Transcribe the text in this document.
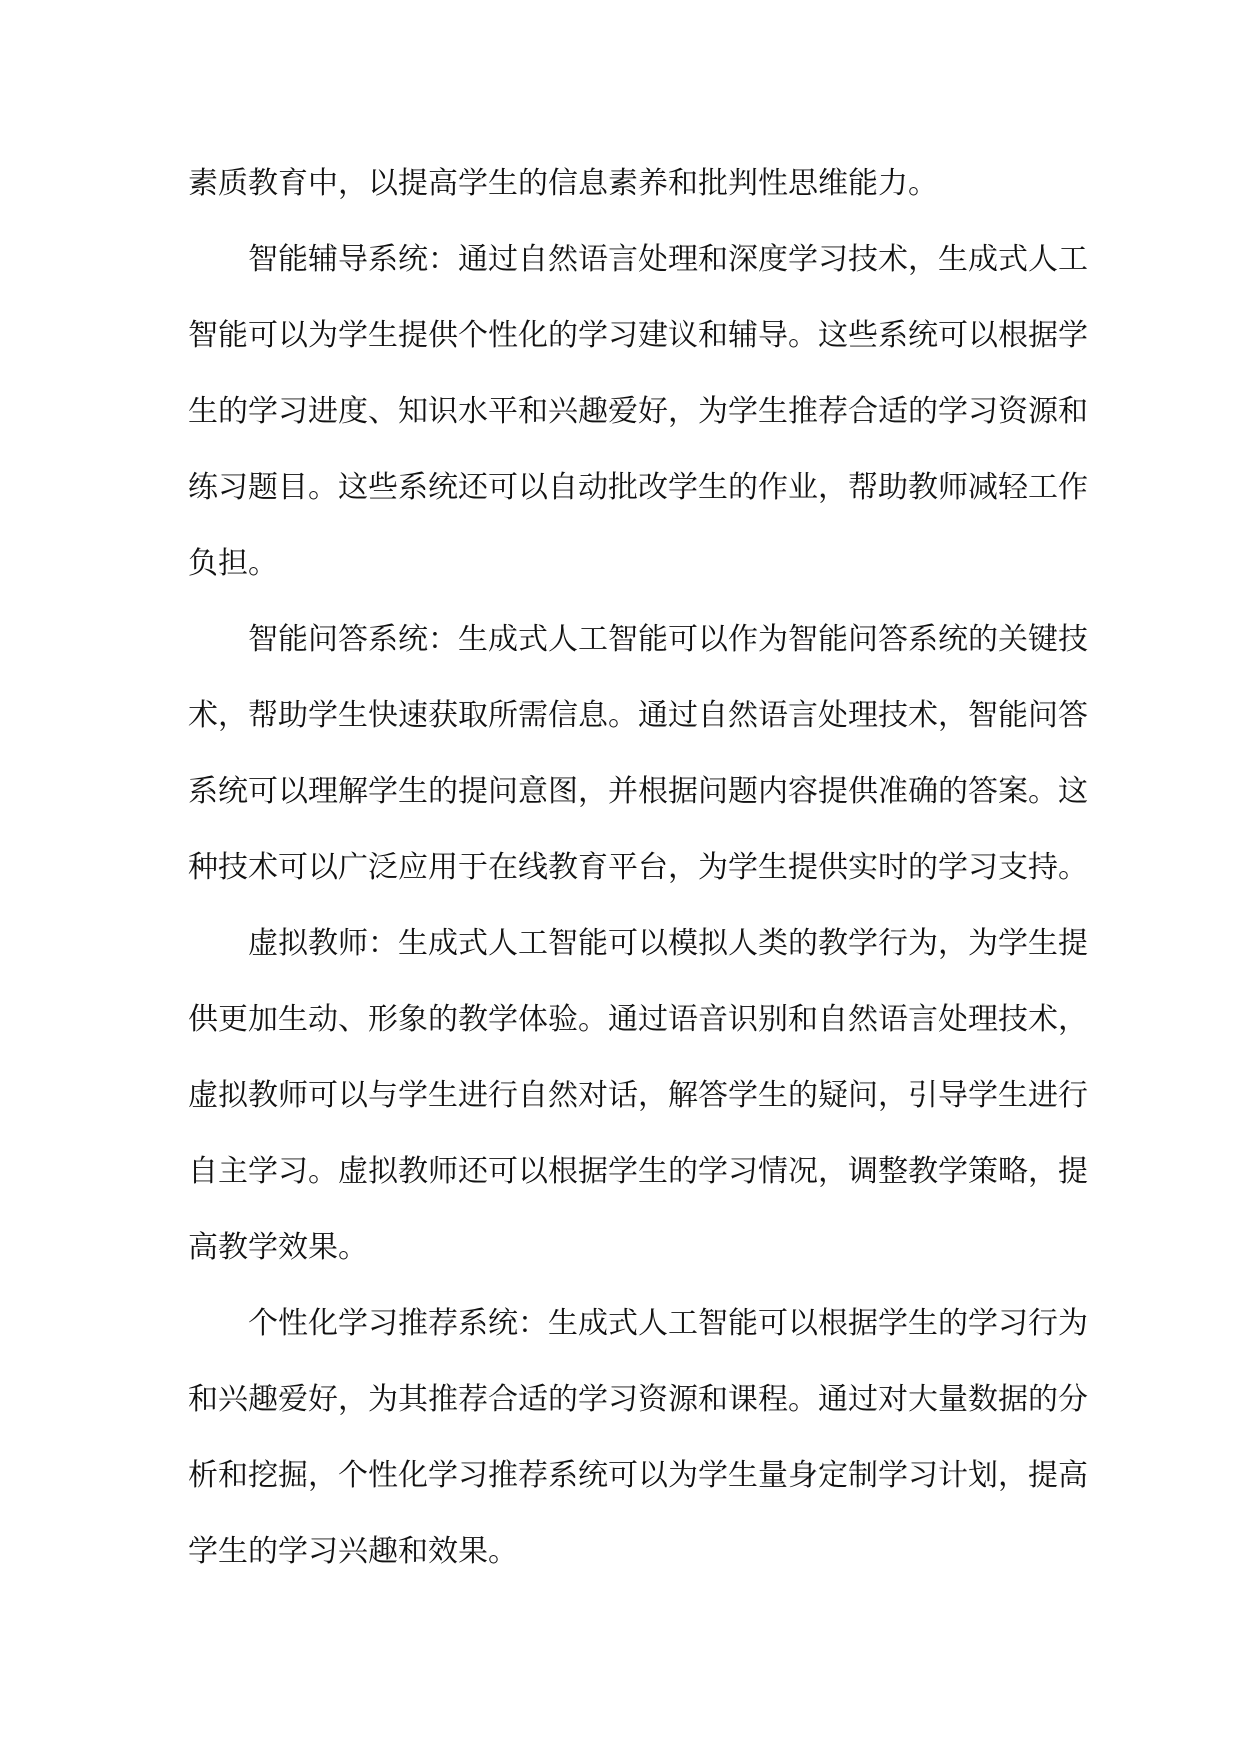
素质教育中，以提高学生的信息素养和批判性思维能力。

智能辅导系统：通过自然语言处理和深度学习技术，生成式人工
智能可以为学生提供个性化的学习建议和辅导。这些系统可以根据学
生的学习进度、知识水平和兴趣爱好，为学生推荐合适的学习资源和
练习题目。这些系统还可以自动批改学生的作业，帮助教师减轻工作
负担。

智能问答系统：生成式人工智能可以作为智能问答系统的关键技
术，帮助学生快速获取所需信息。通过自然语言处理技术，智能问答
系统可以理解学生的提问意图，并根据问题内容提供准确的答案。这
种技术可以广泛应用于在线教育平台，为学生提供实时的学习支持。

虚拟教师：生成式人工智能可以模拟人类的教学行为，为学生提
供更加生动、形象的教学体验。通过语音识别和自然语言处理技术，
虚拟教师可以与学生进行自然对话，解答学生的疑问，引导学生进行
自主学习。虚拟教师还可以根据学生的学习情况，调整教学策略，提
高教学效果。

个性化学习推荐系统：生成式人工智能可以根据学生的学习行为
和兴趣爱好，为其推荐合适的学习资源和课程。通过对大量数据的分
析和挖掘，个性化学习推荐系统可以为学生量身定制学习计划，提高
学生的学习兴趣和效果。
